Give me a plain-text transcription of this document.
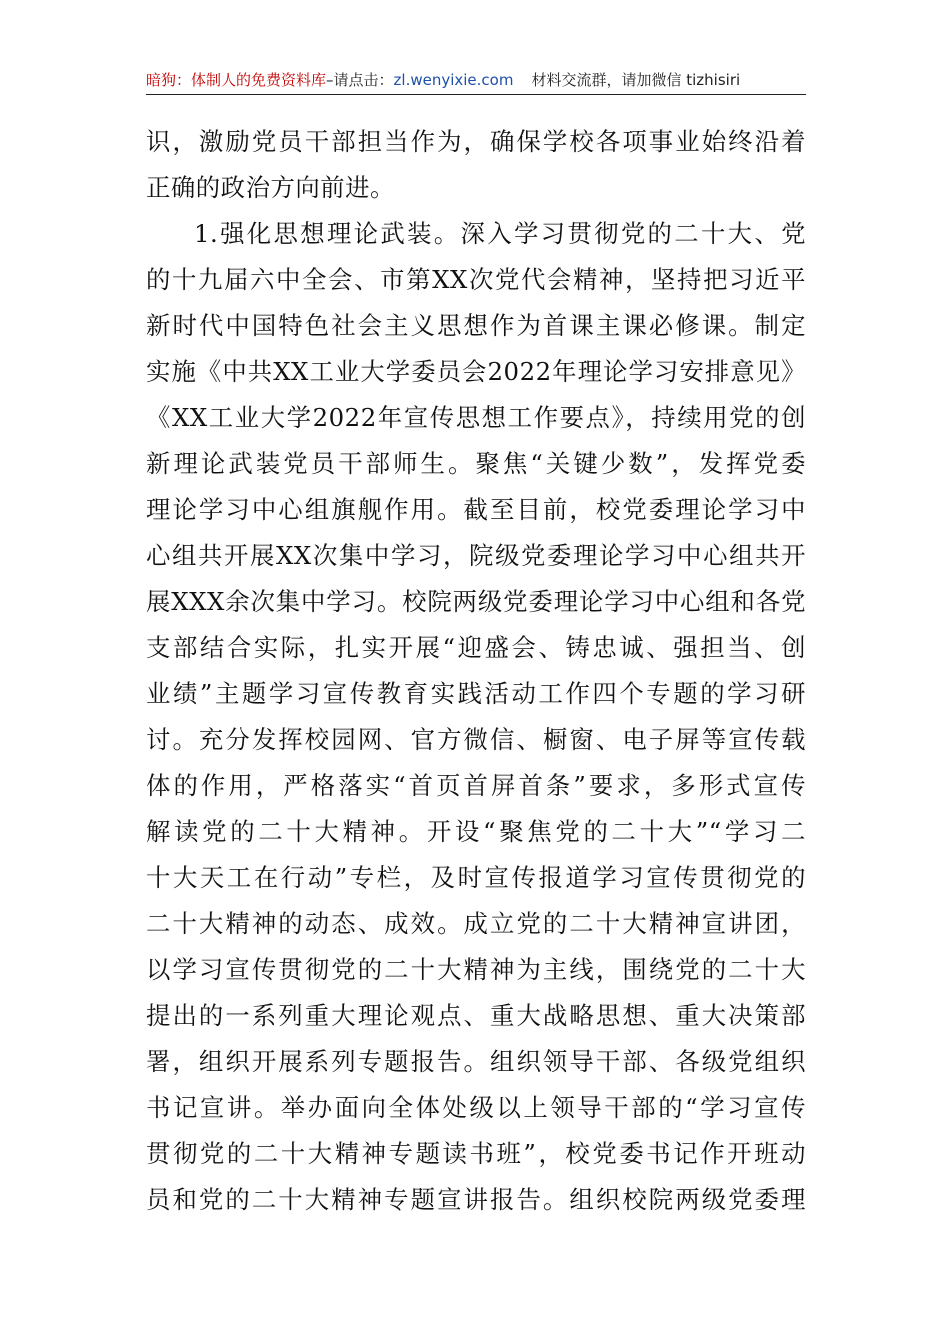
暗狗：体制人的免费资料库–请点击：zl.wenyixie.com 材料交流群，请加微信 tizhisiri
识，激励党员干部担当作为，确保学校各项事业始终沿着
正确的政治方向前进。
1.强化思想理论武装。深入学习贯彻党的二十大、党
的十九届六中全会、市第XX次党代会精神，坚持把习近平
新时代中国特色社会主义思想作为首课主课必修课。制定
实施《中共XX工业大学委员会2022年理论学习安排意见》
《XX工业大学2022年宣传思想工作要点》，持续用党的创
新理论武装党员干部师生。聚焦“关键少数”，发挥党委
理论学习中心组旗舰作用。截至目前，校党委理论学习中
心组共开展XX次集中学习，院级党委理论学习中心组共开
展XXX余次集中学习。校院两级党委理论学习中心组和各党
支部结合实际，扎实开展“迎盛会、铸忠诚、强担当、创
业绩”主题学习宣传教育实践活动工作四个专题的学习研
讨。充分发挥校园网、官方微信、橱窗、电子屏等宣传载
体的作用，严格落实“首页首屏首条”要求，多形式宣传
解读党的二十大精神。开设“聚焦党的二十大”“学习二
十大天工在行动”专栏，及时宣传报道学习宣传贯彻党的
二十大精神的动态、成效。成立党的二十大精神宣讲团，
以学习宣传贯彻党的二十大精神为主线，围绕党的二十大
提出的一系列重大理论观点、重大战略思想、重大决策部
署，组织开展系列专题报告。组织领导干部、各级党组织
书记宣讲。举办面向全体处级以上领导干部的“学习宣传
贯彻党的二十大精神专题读书班”，校党委书记作开班动
员和党的二十大精神专题宣讲报告。组织校院两级党委理
